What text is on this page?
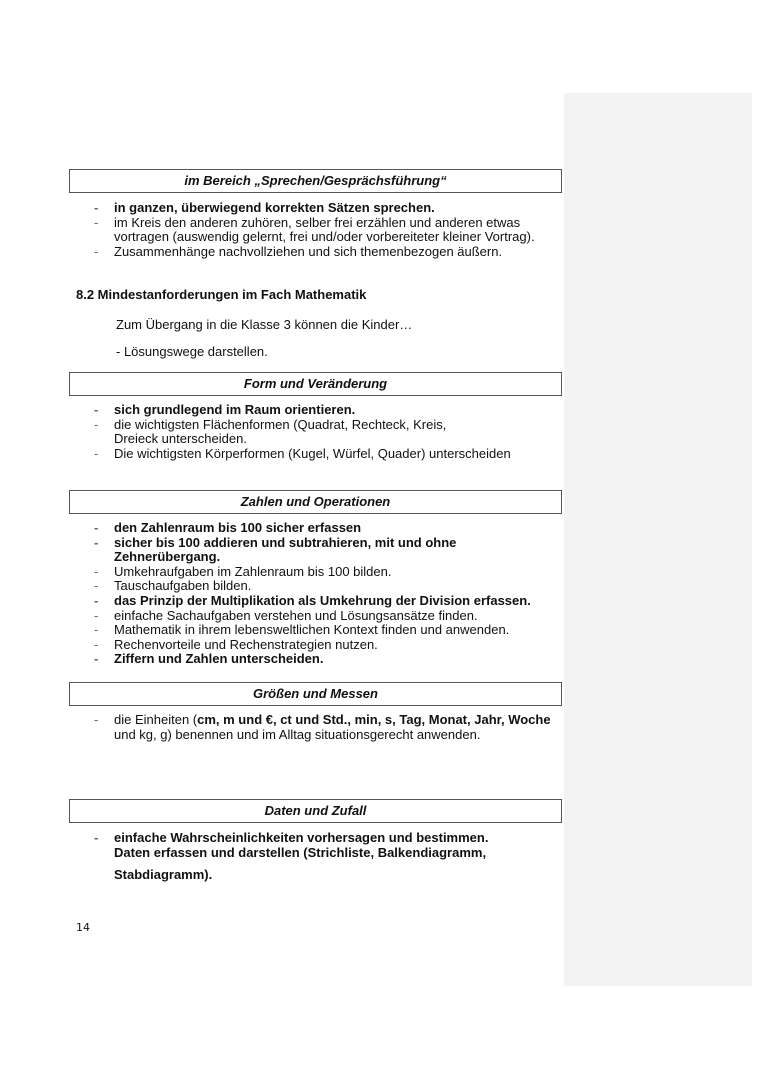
im Bereich „Sprechen/Gesprächsführung“
- in ganzen, überwiegend korrekten Sätzen sprechen.
- im Kreis den anderen zuhören, selber frei erzählen und anderen etwas vortragen (auswendig gelernt, frei und/oder vorbereiteter kleiner Vortrag).
- Zusammenhänge nachvollziehen und sich themenbezogen äußern.
8.2 Mindestanforderungen im Fach Mathematik
Zum Übergang in die Klasse 3 können die Kinder…
- Lösungswege darstellen.
Form und Veränderung
- sich grundlegend im Raum orientieren.
- die wichtigsten Flächenformen (Quadrat, Rechteck, Kreis, Dreieck unterscheiden.
- Die wichtigsten Körperformen (Kugel, Würfel, Quader) unterscheiden
Zahlen und Operationen
- den Zahlenraum bis 100 sicher erfassen
- sicher bis 100 addieren und subtrahieren, mit und ohne Zehnerübergang.
- Umkehraufgaben im Zahlenraum bis 100 bilden.
- Tauschaufgaben bilden.
- das Prinzip der Multiplikation als Umkehrung der Division erfassen.
- einfache Sachaufgaben verstehen und Lösungsansätze finden.
- Mathematik in ihrem lebensweltlichen Kontext finden und anwenden.
- Rechenvorteile und Rechenstrategien nutzen.
- Ziffern und Zahlen unterscheiden.
Größen und Messen
- die Einheiten (cm, m und €, ct und Std., min, s, Tag, Monat, Jahr, Woche und kg, g) benennen und im Alltag situationsgerecht anwenden.
Daten und Zufall
- einfache Wahrscheinlichkeiten vorhersagen und bestimmen.
Daten erfassen und darstellen (Strichliste, Balkendiagramm,
Stabdiagramm).
14
